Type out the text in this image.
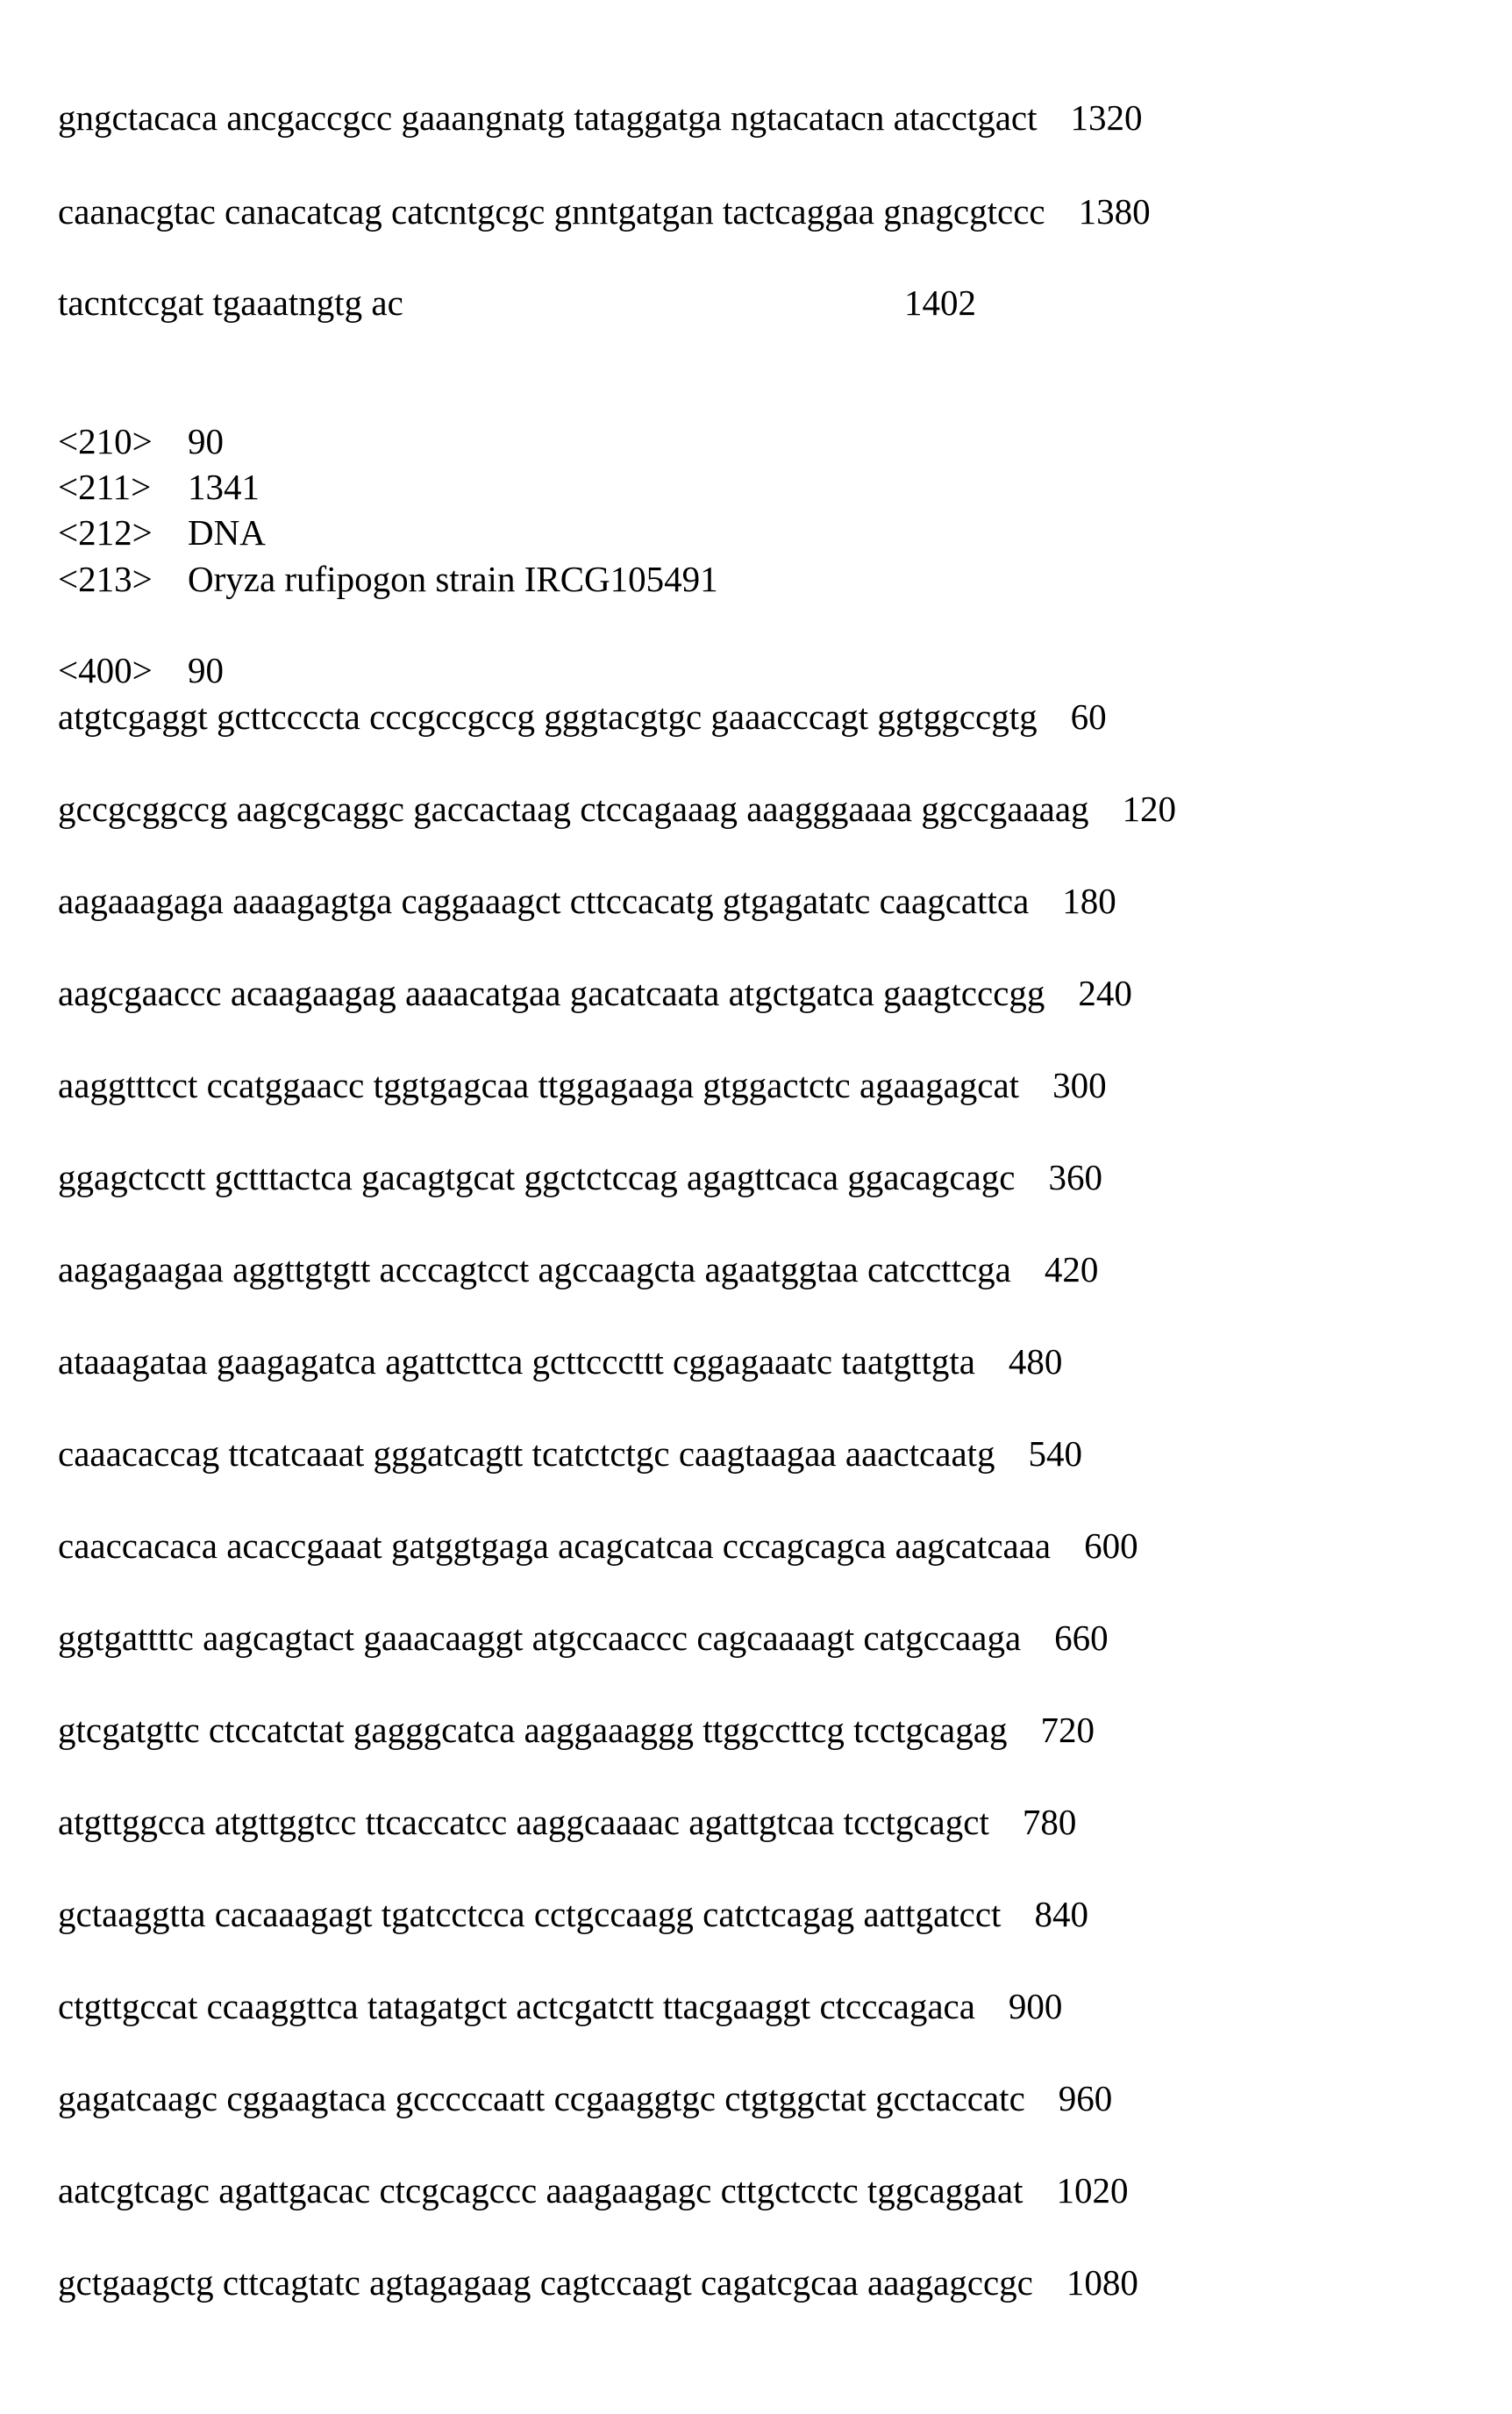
gngctacaca ancgaccgcc gaaangnatg tataggatga ngtacatacn atacctgact 1320
caanacgtac canacatcag catcntgcgc gnntgatgan tactcaggaa gnagcgtccc 1380
tacntccgat tgaaatngtg ac	1402
<210> 90
<211>	1341
<212> DNA
<213> Oryza rufipogon strain IRCG105491
<400> 90
atgtcgaggt gcttccccta cccgccgccg gggtacgtgc gaaacccagt ggtggccgtg 60
gccgcggccg aagcgcaggc gaccactaag ctccagaaag aaagggaaaa ggccgaaaag 120
aagaaagaga aaaagagtga caggaaagct cttccacatg gtgagatatc caagcattca 180
aagcgaaccc acaagaagag aaaacatgaa gacatcaata atgctgatca gaagtcccgg 240
aaggtttcct ccatggaacc tggtgagcaa ttggagaaga gtggactctc agaagagcat 300
ggagctcctt gctttactca gacagtgcat ggctctccag agagttcaca ggacagcagc 360
aagagaagaa aggttgtgtt acccagtcct agccaagcta agaatggtaa catccttcga 420
ataaagataa gaagagatca agattcttca gcttcccttt cggagaaatc taatgttgta 480
caaacaccag ttcatcaaat gggatcagtt tcatctctgc caagtaagaa aaactcaatg 540
caaccacaca acaccgaaat gatggtgaga acagcatcaa cccagcagca aagcatcaaa 600
ggtgattttc aagcagtact gaaacaaggt atgccaaccc cagcaaaagt catgccaaga 660
gtcgatgttc ctccatctat gagggcatca aaggaaaggg ttggccttcg tcctgcagag 720
atgttggcca atgttggtcc ttcaccatcc aaggcaaaac agattgtcaa tcctgcagct 780
gctaaggtta cacaaagagt tgatcctcca cctgccaagg catctcagag aattgatcct 840
ctgttgccat ccaaggttca tatagatgct actcgatctt ttacgaaggt ctcccagaca 900
gagatcaagc cggaagtaca gcccccaatt ccgaaggtgc ctgtggctat gcctaccatc 960
aatcgtcagc agattgacac ctcgcagccc aaagaagagc cttgctcctc tggcaggaat 1020
gctgaagctg cttcagtatc agtagagaag cagtccaagt cagatcgcaa aaagagccgc 1080
